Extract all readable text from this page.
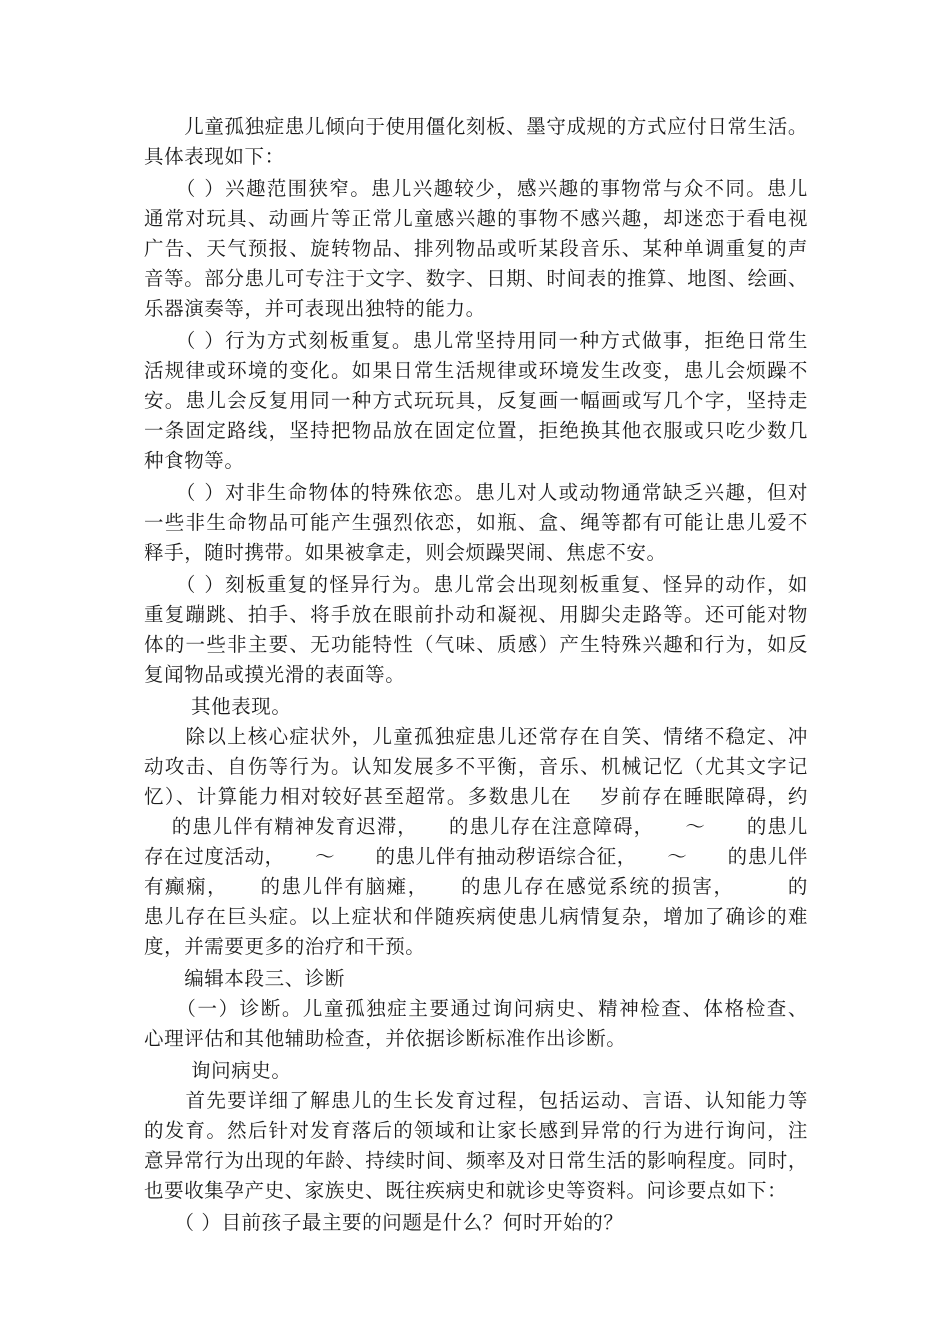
　　儿童孤独症患儿倾向于使用僵化刻板、墨守成规的方式应付日常生活。
具体表现如下：
　　（ ）兴趣范围狭窄。患儿兴趣较少，感兴趣的事物常与众不同。患儿
通常对玩具、动画片等正常儿童感兴趣的事物不感兴趣，却迷恋于看电视
广告、天气预报、旋转物品、排列物品或听某段音乐、某种单调重复的声
音等。部分患儿可专注于文字、数字、日期、时间表的推算、地图、绘画、
乐器演奏等，并可表现出独特的能力。
　　（ ）行为方式刻板重复。患儿常坚持用同一种方式做事，拒绝日常生
活规律或环境的变化。如果日常生活规律或环境发生改变，患儿会烦躁不
安。患儿会反复用同一种方式玩玩具，反复画一幅画或写几个字，坚持走
一条固定路线，坚持把物品放在固定位置，拒绝换其他衣服或只吃少数几
种食物等。
　　（ ）对非生命物体的特殊依恋。患儿对人或动物通常缺乏兴趣，但对
一些非生命物品可能产生强烈依恋，如瓶、盒、绳等都有可能让患儿爱不
释手，随时携带。如果被拿走，则会烦躁哭闹、焦虑不安。
　　（ ）刻板重复的怪异行为。患儿常会出现刻板重复、怪异的动作，如
重复蹦跳、拍手、将手放在眼前扑动和凝视、用脚尖走路等。还可能对物
体的一些非主要、无功能特性（气味、质感）产生特殊兴趣和行为，如反
复闻物品或摸光滑的表面等。
　　 其他表现。
　　除以上核心症状外，儿童孤独症患儿还常存在自笑、情绪不稳定、冲
动攻击、自伤等行为。认知发展多不平衡，音乐、机械记忆（尤其文字记
忆）、计算能力相对较好甚至超常。多数患儿在　 岁前存在睡眠障碍，约
　 的患儿伴有精神发育迟滞，　　的患儿存在注意障碍，　　～　　的患儿
存在过度活动，　　～　　的患儿伴有抽动秽语综合征，　　～　　的患儿伴
有癫痫，　　的患儿伴有脑瘫，　　的患儿存在感觉系统的损害，　　　的
患儿存在巨头症。以上症状和伴随疾病使患儿病情复杂，增加了确诊的难
度，并需要更多的治疗和干预。
　　编辑本段三、诊断
　　（一）诊断。儿童孤独症主要通过询问病史、精神检查、体格检查、
心理评估和其他辅助检查，并依据诊断标准作出诊断。
　　 询问病史。
　　首先要详细了解患儿的生长发育过程，包括运动、言语、认知能力等
的发育。然后针对发育落后的领域和让家长感到异常的行为进行询问，注
意异常行为出现的年龄、持续时间、频率及对日常生活的影响程度。同时，
也要收集孕产史、家族史、既往疾病史和就诊史等资料。问诊要点如下：
　　（ ）目前孩子最主要的问题是什么？何时开始的？
